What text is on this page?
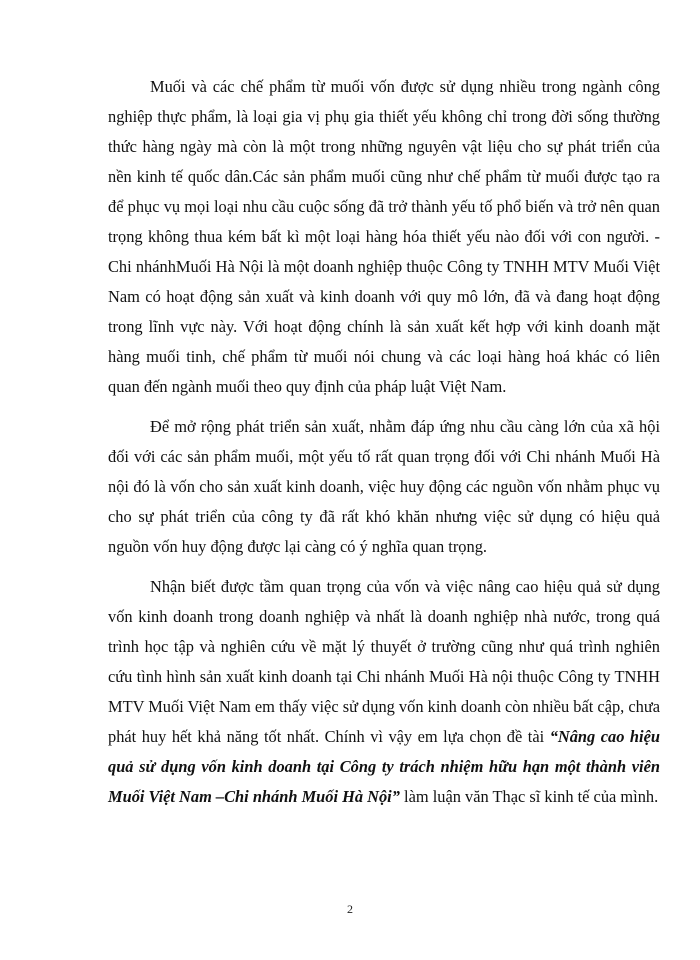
Muối và các chế phẩm từ muối vốn được sử dụng nhiều trong ngành công nghiệp thực phẩm, là loại gia vị phụ gia thiết yếu không chỉ trong đời sống thường thức hàng ngày mà còn là một trong những nguyên vật liệu cho sự phát triển của nền kinh tế quốc dân.Các sản phẩm muối cũng như chế phẩm từ muối được tạo ra để phục vụ mọi loại nhu cầu cuộc sống đã trở thành yếu tố phổ biến và trở nên quan trọng không thua kém bất kì một loại hàng hóa thiết yếu nào đối với con người. - Chi nhánhMuối Hà Nội là một doanh nghiệp thuộc Công ty TNHH MTV Muối Việt Nam có hoạt động sản xuất và kinh doanh với quy mô lớn, đã và đang hoạt động trong lĩnh vực này. Với hoạt động chính là sản xuất kết hợp với kinh doanh mặt hàng muối tinh, chế phẩm từ muối nói chung và các loại hàng hoá khác có liên quan đến ngành muối theo quy định của pháp luật Việt Nam.

Để mở rộng phát triển sản xuất, nhằm đáp ứng nhu cầu càng lớn của xã hội đối với các sản phẩm muối, một yếu tố rất quan trọng đối với Chi nhánh Muối Hà nội đó là vốn cho sản xuất kinh doanh, việc huy động các nguồn vốn nhằm phục vụ cho sự phát triển của công ty đã rất khó khăn nhưng việc sử dụng có hiệu quả nguồn vốn huy động được lại càng có ý nghĩa quan trọng.

Nhận biết được tầm quan trọng của vốn và việc nâng cao hiệu quả sử dụng vốn kinh doanh trong doanh nghiệp và nhất là doanh nghiệp nhà nước, trong quá trình học tập và nghiên cứu về mặt lý thuyết ở trường cũng như quá trình nghiên cứu tình hình sản xuất kinh doanh tại Chi nhánh Muối Hà nội thuộc Công ty TNHH MTV Muối Việt Nam em thấy việc sử dụng vốn kinh doanh còn nhiều bất cập, chưa phát huy hết khả năng tốt nhất. Chính vì vậy em lựa chọn đề tài “Nâng cao hiệu quả sử dụng vốn kinh doanh tại Công ty trách nhiệm hữu hạn một thành viên Muối Việt Nam –Chi nhánh Muối Hà Nội” làm luận văn Thạc sĩ kinh tế của mình.

2
